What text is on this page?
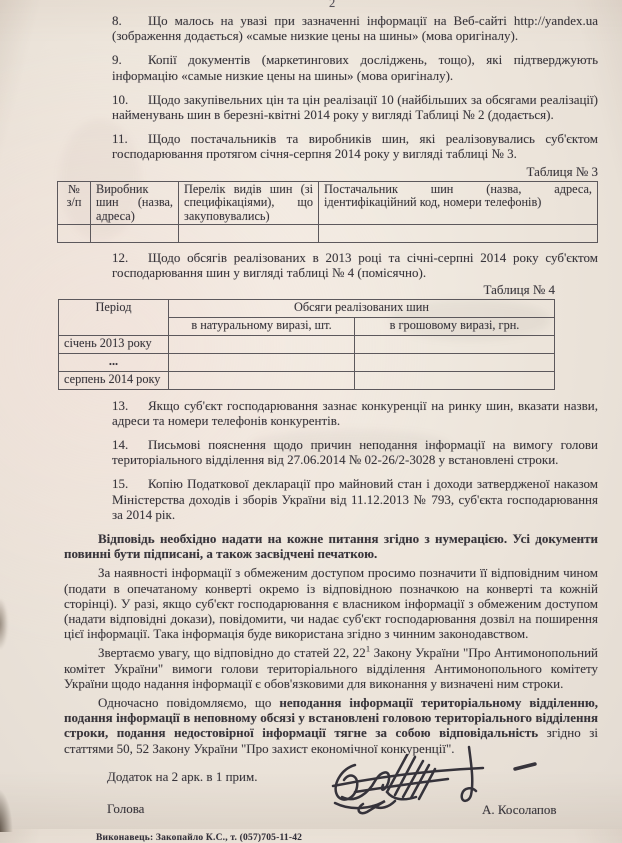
2
8. Що малось на увазі при зазначенні інформації на Веб-сайті http://yandex.ua (зображення додається) «самые низкие цены на шины» (мова оригіналу).
9. Копії документів (маркетингових досліджень, тощо), які підтверджують інформацію «самые низкие цены на шины» (мова оригіналу).
10. Щодо закупівельних цін та цін реалізації 10 (найбільших за обсягами реалізації) найменувань шин в березні-квітні 2014 року у вигляді Таблиці № 2 (додається).
11. Щодо постачальників та виробників шин, які реалізовувались суб'єктом господарювання протягом січня-серпня 2014 року у вигляді таблиці № 3.
Таблиця № 3
№ з/п	Виробник шин (назва, адреса)	Перелік видів шин (зі специфікаціями), що закуповувались)	Постачальник шин (назва, адреса, ідентифікаційний код, номери телефонів)

12. Щодо обсягів реалізованих в 2013 році та січні-серпні 2014 року суб'єктом господарювання шин у вигляді таблиці № 4 (помісячно).
Таблиця № 4
Період	Обсяги реалізованих шин	
	в натуральному виразі, шт.	в грошовому виразі, грн.
січень 2013 року		
...		
серпень 2014 року		
13. Якщо суб'єкт господарювання зазнає конкуренції на ринку шин, вказати назви, адреси та номери телефонів конкурентів.
14. Письмові пояснення щодо причин неподання інформації на вимогу голови територіального відділення від 27.06.2014 № 02-26/2-3028 у встановлені строки.
15. Копію Податкової декларації про майновий стан і доходи затвердженої наказом Міністерства доходів і зборів України від 11.12.2013 № 793, суб'єкта господарювання за 2014 рік.
Відповідь необхідно надати на кожне питання згідно з нумерацією. Усі документи повинні бути підписані, а також засвідчені печаткою.
За наявності інформації з обмеженим доступом просимо позначити її відповідним чином (подати в опечатаному конверті окремо із відповідною позначкою на конверті та кожній сторінці). У разі, якщо суб'єкт господарювання є власником інформації з обмеженим доступом (надати відповідні докази), повідомити, чи надає суб'єкт господарювання дозвіл на поширення цієї інформації. Така інформація буде використана згідно з чинним законодавством.
Звертаємо увагу, що відповідно до статей 22, $22^1$ Закону України "Про Антимонопольний комітет України" вимоги голови територіального відділення Антимонопольного комітету України щодо надання інформації є обов'язковими для виконання у визначені ним строки.
Одночасно повідомляємо, що неподання інформації територіальному відділенню, подання інформації в неповному обсязі у встановлені головою територіального відділення строки, подання недостовірної інформації тягне за собою відповідальність згідно зі статтями 50, 52 Закону України "Про захист економічної конкуренції".
Додаток на 2 арк. в 1 прим.
Голова	А. Косолапов
Виконавець: Закопайло К.С., т. (057)705-11-42
